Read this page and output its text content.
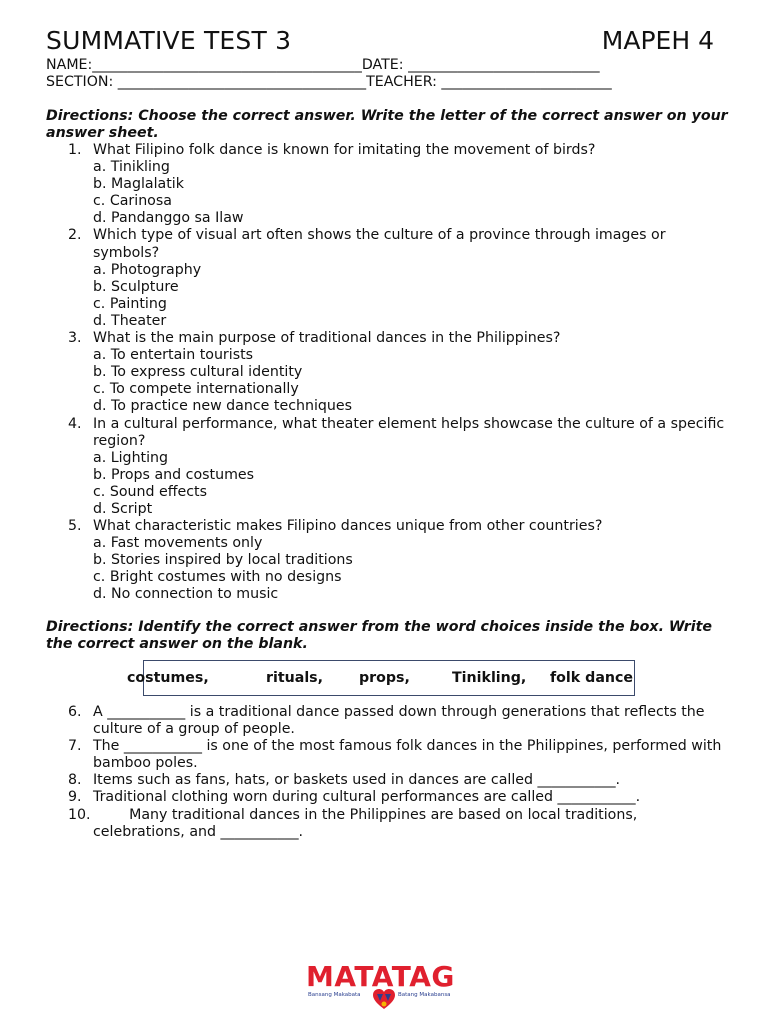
SUMMATIVE TEST 3	MAPEH 4
NAME:______________________________________DATE: ___________________________
SECTION: ___________________________________TEACHER: ________________________
Directions: Choose the correct answer. Write the letter of the correct answer on your answer sheet.
1. What Filipino folk dance is known for imitating the movement of birds?
a. Tinikling
b. Maglalatik
c. Carinosa
d. Pandanggo sa Ilaw
2. Which type of visual art often shows the culture of a province through images or symbols?
a. Photography
b. Sculpture
c. Painting
d. Theater
3. What is the main purpose of traditional dances in the Philippines?
a. To entertain tourists
b. To express cultural identity
c. To compete internationally
d. To practice new dance techniques
4. In a cultural performance, what theater element helps showcase the culture of a specific region?
a. Lighting
b. Props and costumes
c. Sound effects
d. Script
5. What characteristic makes Filipino dances unique from other countries?
a. Fast movements only
b. Stories inspired by local traditions
c. Bright costumes with no designs
d. No connection to music
Directions: Identify the correct answer from the word choices inside the box. Write the correct answer on the blank.
costumes,	rituals,	props,	Tinikling, folk dance
6. A ___________ is a traditional dance passed down through generations that reflects the culture of a group of people.
7. The ___________ is one of the most famous folk dances in the Philippines, performed with bamboo poles.
8. Items such as fans, hats, or baskets used in dances are called ___________.
9. Traditional clothing worn during cultural performances are called ___________.
10. Many traditional dances in the Philippines are based on local traditions, celebrations, and ___________.
MATATAG
Bansang Makabata	Batang Makabansa
